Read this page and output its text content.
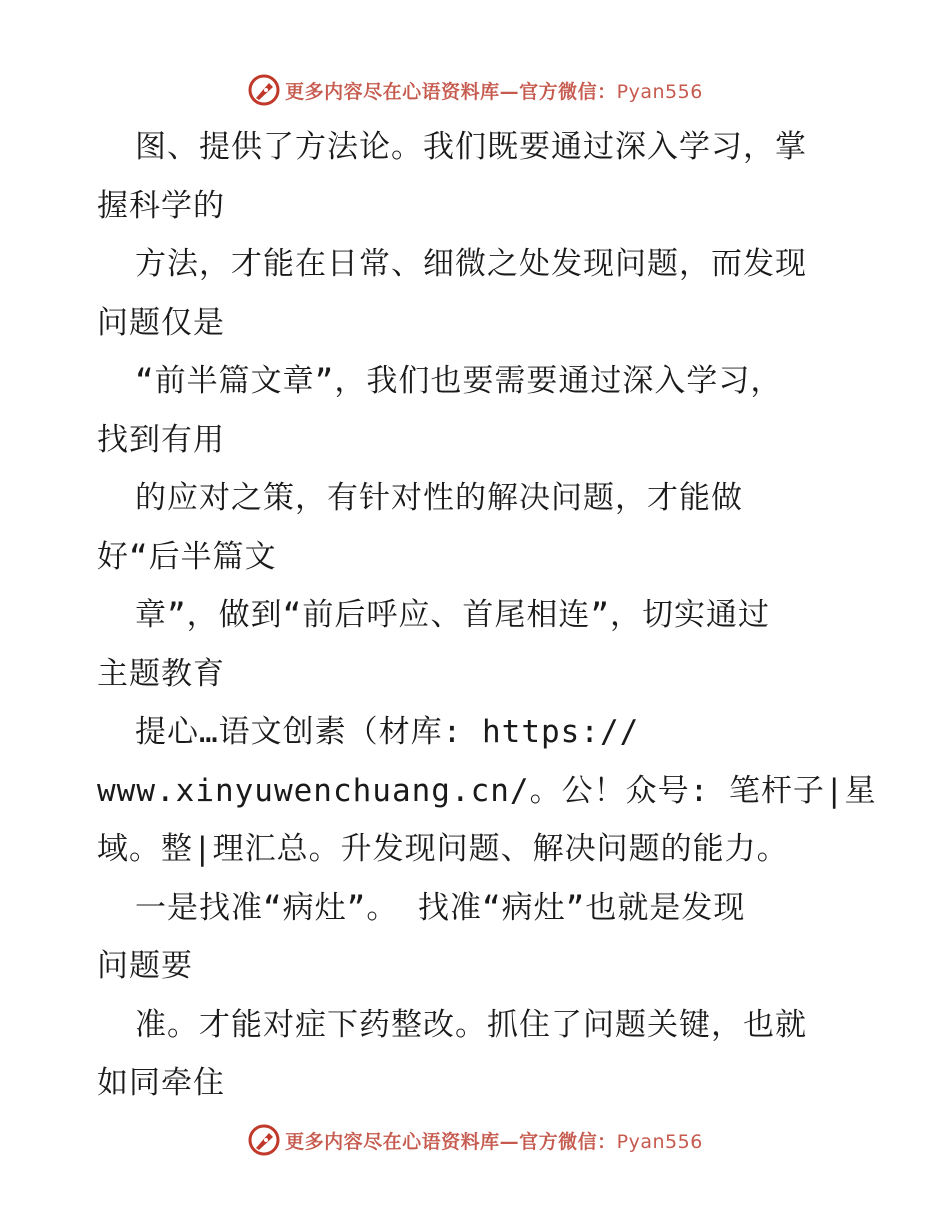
更多内容尽在心语资料库—官方微信：Pyan556
图、提供了方法论。我们既要通过深入学习，掌
握科学的
方法，才能在日常、细微之处发现问题，而发现
问题仅是
“前半篇文章”，我们也要需要通过深入学习，
找到有用
的应对之策，有针对性的解决问题，才能做
好“后半篇文
章”，做到“前后呼应、首尾相连”，切实通过
主题教育
提心…语文创素（材库: https://
www.xinyuwenchuang.cn/。公！众号: 笔杆子|星
域。整|理汇总。升发现问题、解决问题的能力。
一是找准“病灶”。 找准“病灶”也就是发现
问题要
准。才能对症下药整改。抓住了问题关键，也就
如同牵住
更多内容尽在心语资料库—官方微信：Pyan556
